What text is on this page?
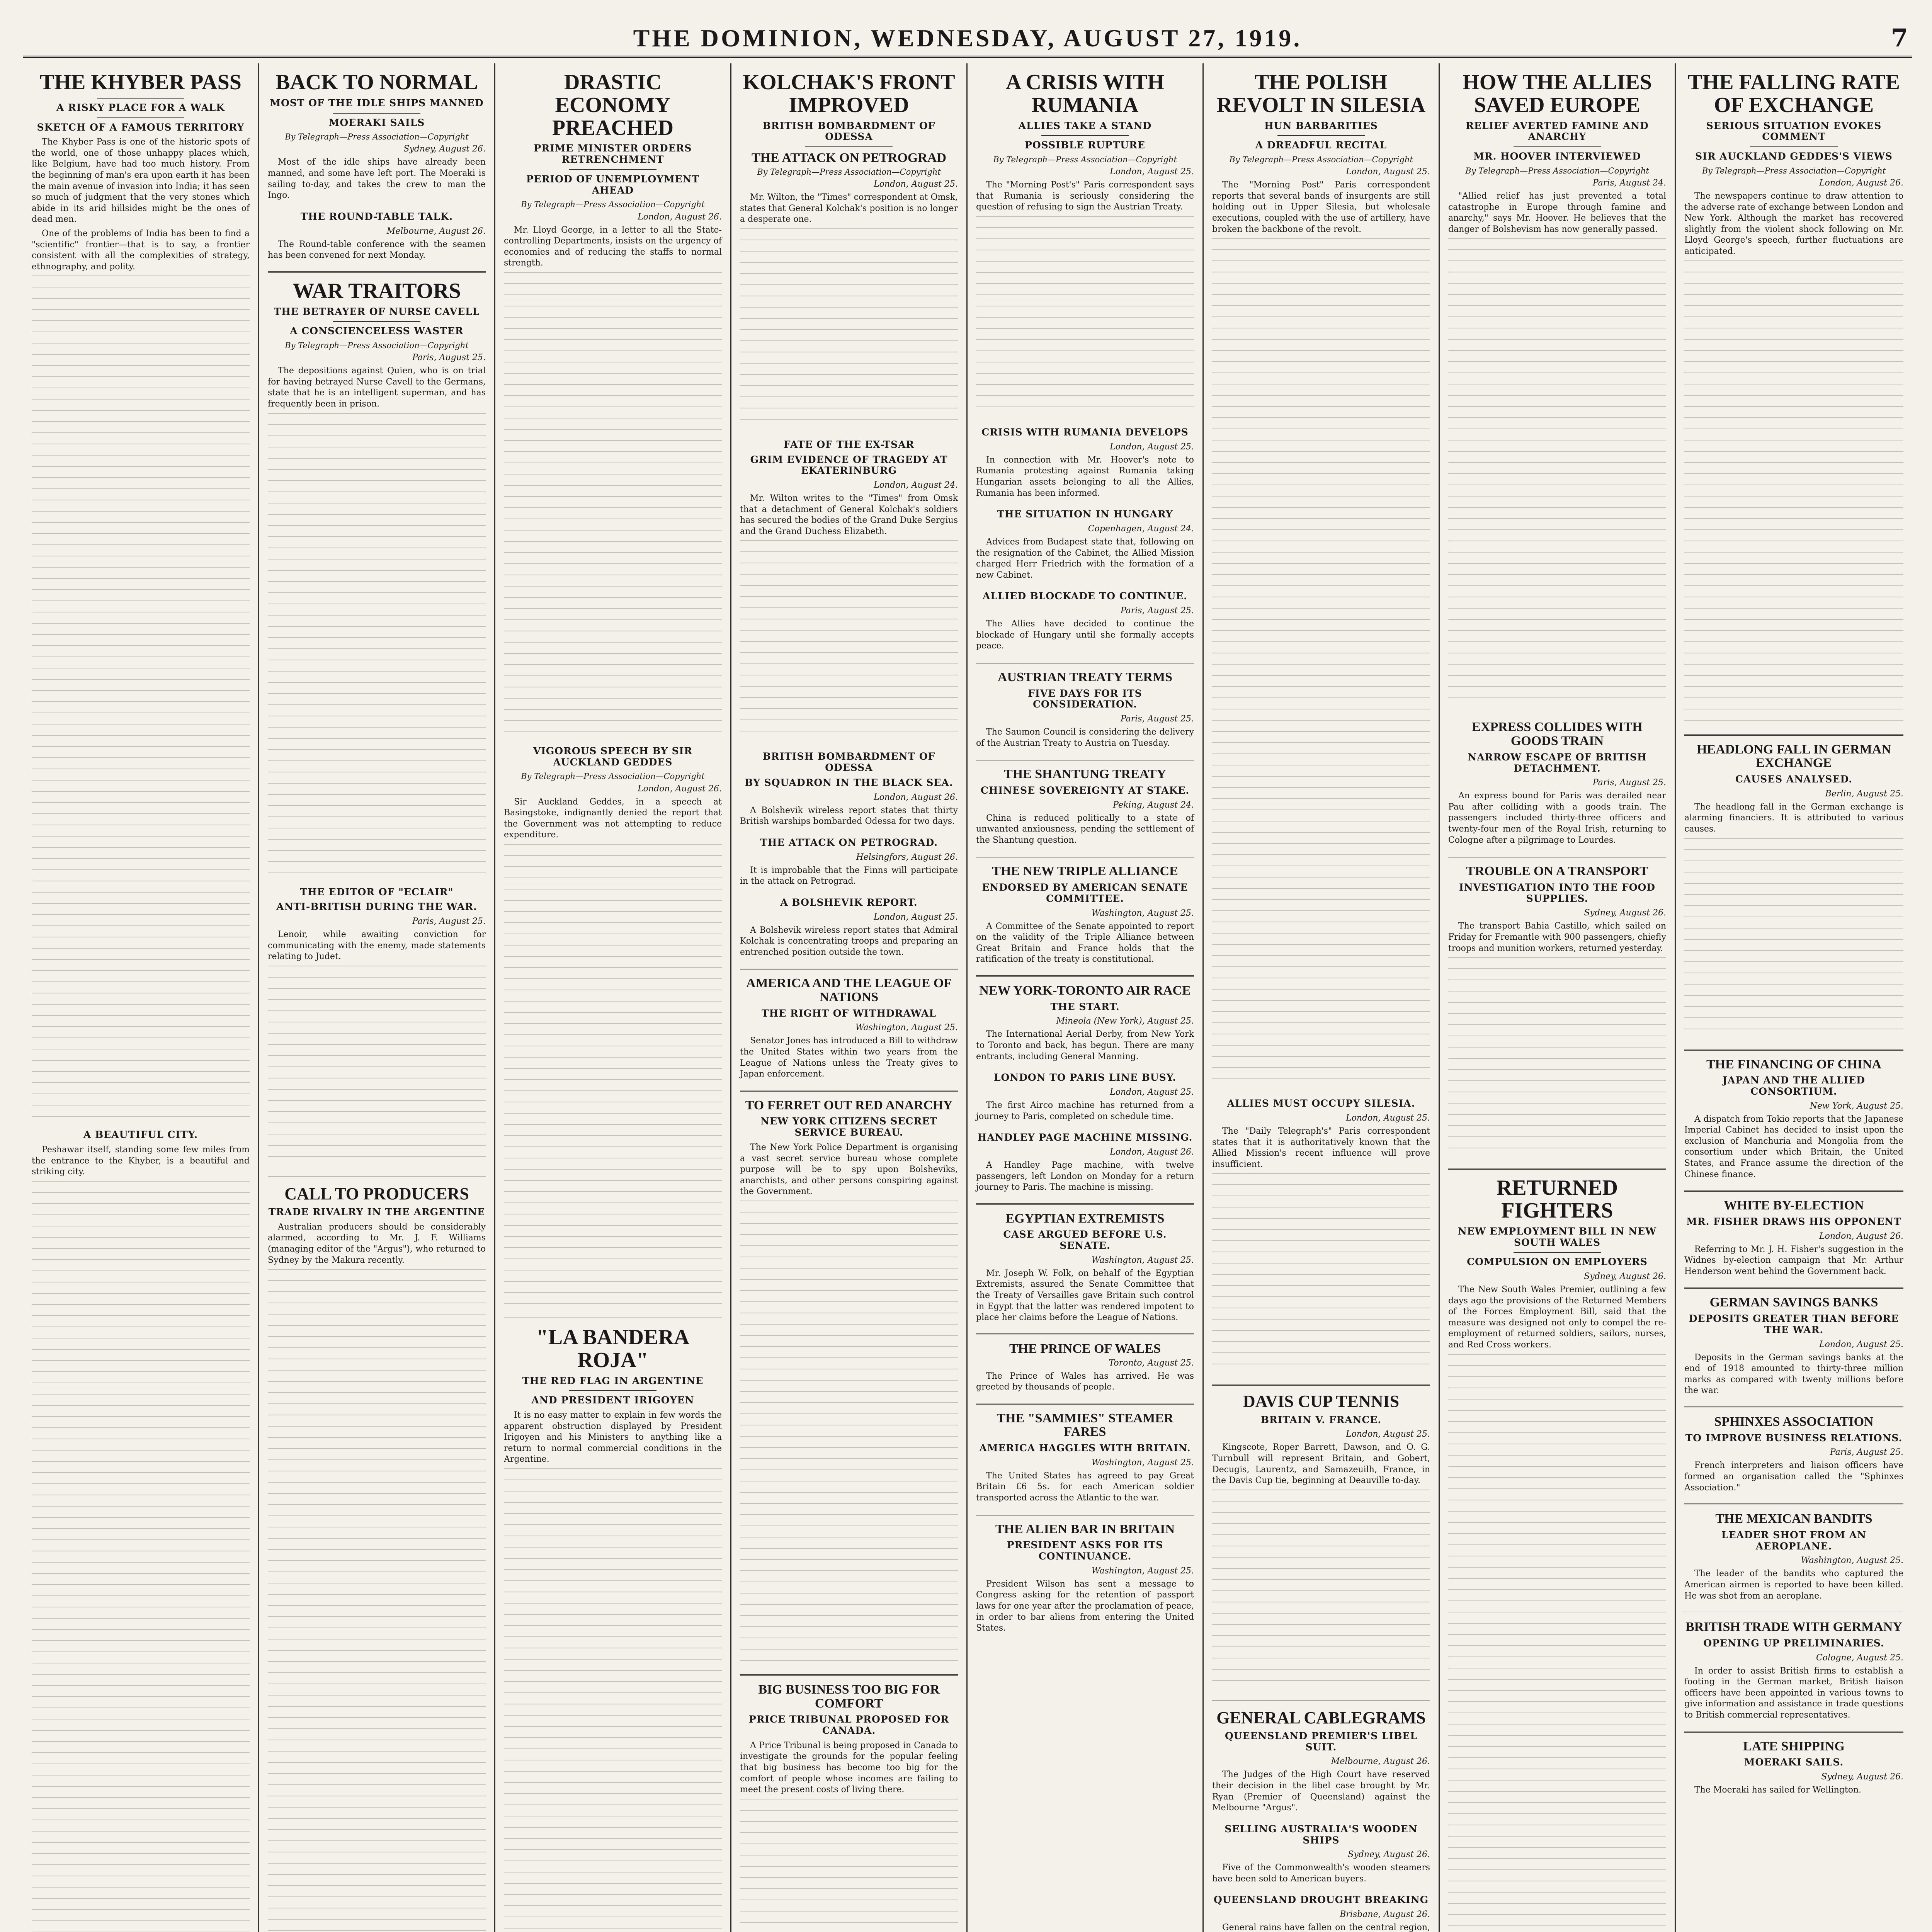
THE DOMINION, WEDNESDAY, AUGUST 27, 1919.	7
THE KHYBER PASS
A RISKY PLACE FOR A WALK
SKETCH OF A FAMOUS TERRITORY

The Khyber Pass is one of the historic spots of the world, one of those unhappy places which, like Belgium, have had too much history. From the beginning of man's era upon earth it has been the main avenue of invasion into India; it has seen so much of judgment that the very stones which abide in its arid hillsides might be the ones of dead men.

One of the problems of India has been to find a "scientific" frontier—that is to say, a frontier consistent with all the complexities of strategy, ethnography, and polity.

A BEAUTIFUL CITY.

Peshawar itself, standing some few miles from the entrance to the Khyber, is a beautiful and striking city.

BACK TO NORMAL
MOST OF THE IDLE SHIPS MANNED
MOERAKI SAILS
By Telegraph—Press Association—Copyright
Sydney, August 26.

Most of the idle ships have already been manned, and some have left port. The Moeraki is sailing to-day, and takes the crew to man the Ingo.

THE ROUND-TABLE TALK.
Melbourne, August 26.

The Round-table conference with the seamen has been convened for next Monday.

WAR TRAITORS
THE BETRAYER OF NURSE CAVELL
A CONSCIENCELESS WASTER
By Telegraph—Press Association—Copyright
Paris, August 25.

The depositions against Quien, who is on trial for having betrayed Nurse Cavell to the Germans, state that he is an intelligent superman, and has frequently been in prison.

THE EDITOR OF "ECLAIR"
ANTI-BRITISH DURING THE WAR.
Paris, August 25.

Lenoir, while awaiting conviction for communicating with the enemy, made statements relating to Judet.

CALL TO PRODUCERS
TRADE RIVALRY IN THE ARGENTINE

Australian producers should be considerably alarmed, according to Mr. J. F. Williams (managing editor of the "Argus"), who returned to Sydney by the Makura recently.

DRASTIC ECONOMY PREACHED
PRIME MINISTER ORDERS RETRENCHMENT
PERIOD OF UNEMPLOYMENT AHEAD
By Telegraph—Press Association—Copyright
London, August 26.

Mr. Lloyd George, in a letter to all the State-controlling Departments, insists on the urgency of economies and of reducing the staffs to normal strength.

VIGOROUS SPEECH BY SIR AUCKLAND GEDDES
By Telegraph—Press Association—Copyright
London, August 26.

Sir Auckland Geddes, in a speech at Basingstoke, indignantly denied the report that the Government was not attempting to reduce expenditure.

"LA BANDERA ROJA"
THE RED FLAG IN ARGENTINE
AND PRESIDENT IRIGOYEN

It is no easy matter to explain in few words the apparent obstruction displayed by President Irigoyen and his Ministers to anything like a return to normal commercial conditions in the Argentine.

KOLCHAK'S FRONT IMPROVED
BRITISH BOMBARDMENT OF ODESSA
THE ATTACK ON PETROGRAD
By Telegraph—Press Association—Copyright
London, August 25.

Mr. Wilton, the "Times" correspondent at Omsk, states that General Kolchak's position is no longer a desperate one.

FATE OF THE EX-TSAR
GRIM EVIDENCE OF TRAGEDY AT EKATERINBURG
London, August 24.

Mr. Wilton writes to the "Times" from Omsk that a detachment of General Kolchak's soldiers has secured the bodies of the Grand Duke Sergius and the Grand Duchess Elizabeth.

BRITISH BOMBARDMENT OF ODESSA
BY SQUADRON IN THE BLACK SEA.
London, August 26.

A Bolshevik wireless report states that thirty British warships bombarded Odessa for two days.

THE ATTACK ON PETROGRAD.
Helsingfors, August 26.

It is improbable that the Finns will participate in the attack on Petrograd.

A BOLSHEVIK REPORT.
London, August 25.

A Bolshevik wireless report states that Admiral Kolchak is concentrating troops and preparing an entrenched position outside the town.

AMERICA AND THE LEAGUE OF NATIONS
THE RIGHT OF WITHDRAWAL
Washington, August 25.

Senator Jones has introduced a Bill to withdraw the United States within two years from the League of Nations unless the Treaty gives to Japan enforcement.

TO FERRET OUT RED ANARCHY
NEW YORK CITIZENS SECRET SERVICE BUREAU.

The New York Police Department is organising a vast secret service bureau whose complete purpose will be to spy upon Bolsheviks, anarchists, and other persons conspiring against the Government.

BIG BUSINESS TOO BIG FOR COMFORT
PRICE TRIBUNAL PROPOSED FOR CANADA.

A Price Tribunal is being proposed in Canada to investigate the grounds for the popular feeling that big business has become too big for the comfort of people whose incomes are failing to meet the present costs of living there.

A CRISIS WITH RUMANIA
ALLIES TAKE A STAND
POSSIBLE RUPTURE
By Telegraph—Press Association—Copyright
London, August 25.

The "Morning Post's" Paris correspondent says that Rumania is seriously considering the question of refusing to sign the Austrian Treaty.

CRISIS WITH RUMANIA DEVELOPS
London, August 25.

In connection with Mr. Hoover's note to Rumania protesting against Rumania taking Hungarian assets belonging to all the Allies, Rumania has been informed.

THE SITUATION IN HUNGARY
Copenhagen, August 24.

Advices from Budapest state that, following on the resignation of the Cabinet, the Allied Mission charged Herr Friedrich with the formation of a new Cabinet.

ALLIED BLOCKADE TO CONTINUE.
Paris, August 25.

The Allies have decided to continue the blockade of Hungary until she formally accepts peace.

AUSTRIAN TREATY TERMS
FIVE DAYS FOR ITS CONSIDERATION.
Paris, August 25.

The Saumon Council is considering the delivery of the Austrian Treaty to Austria on Tuesday.

THE SHANTUNG TREATY
CHINESE SOVEREIGNTY AT STAKE.
Peking, August 24.

China is reduced politically to a state of unwanted anxiousness, pending the settlement of the Shantung question.

THE NEW TRIPLE ALLIANCE
ENDORSED BY AMERICAN SENATE COMMITTEE.
Washington, August 25.

A Committee of the Senate appointed to report on the validity of the Triple Alliance between Great Britain and France holds that the ratification of the treaty is constitutional.

NEW YORK-TORONTO AIR RACE
THE START.
Mineola (New York), August 25.

The International Aerial Derby, from New York to Toronto and back, has begun. There are many entrants, including General Manning.

LONDON TO PARIS LINE BUSY.
London, August 25.

The first Airco machine has returned from a journey to Paris, completed on schedule time.

HANDLEY PAGE MACHINE MISSING.
London, August 26.

A Handley Page machine, with twelve passengers, left London on Monday for a return journey to Paris. The machine is missing.

EGYPTIAN EXTREMISTS
CASE ARGUED BEFORE U.S. SENATE.
Washington, August 25.

Mr. Joseph W. Folk, on behalf of the Egyptian Extremists, assured the Senate Committee that the Treaty of Versailles gave Britain such control in Egypt that the latter was rendered impotent to place her claims before the League of Nations.

THE PRINCE OF WALES
Toronto, August 25.

The Prince of Wales has arrived. He was greeted by thousands of people.

THE "SAMMIES" STEAMER FARES
AMERICA HAGGLES WITH BRITAIN.
Washington, August 25.

The United States has agreed to pay Great Britain £6 5s. for each American soldier transported across the Atlantic to the war.

THE ALIEN BAR IN BRITAIN
PRESIDENT ASKS FOR ITS CONTINUANCE.
Washington, August 25.

President Wilson has sent a message to Congress asking for the retention of passport laws for one year after the proclamation of peace, in order to bar aliens from entering the United States.

THE POLISH REVOLT IN SILESIA
HUN BARBARITIES
A DREADFUL RECITAL
By Telegraph—Press Association—Copyright
London, August 25.

The "Morning Post" Paris correspondent reports that several bands of insurgents are still holding out in Upper Silesia, but wholesale executions, coupled with the use of artillery, have broken the backbone of the revolt.

ALLIES MUST OCCUPY SILESIA.
London, August 25.

The "Daily Telegraph's" Paris correspondent states that it is authoritatively known that the Allied Mission's recent influence will prove insufficient.

DAVIS CUP TENNIS
BRITAIN V. FRANCE.
London, August 25.

Kingscote, Roper Barrett, Dawson, and O. G. Turnbull will represent Britain, and Gobert, Decugis, Laurentz, and Samazeuilh, France, in the Davis Cup tie, beginning at Deauville to-day.

GENERAL CABLEGRAMS
QUEENSLAND PREMIER'S LIBEL SUIT.
Melbourne, August 26.

The Judges of the High Court have reserved their decision in the libel case brought by Mr. Ryan (Premier of Queensland) against the Melbourne "Argus".

SELLING AUSTRALIA'S WOODEN SHIPS
Sydney, August 26.

Five of the Commonwealth's wooden steamers have been sold to American buyers.

QUEENSLAND DROUGHT BREAKING
Brisbane, August 26.

General rains have fallen on the central region,

HOW THE ALLIES SAVED EUROPE
RELIEF AVERTED FAMINE AND ANARCHY
MR. HOOVER INTERVIEWED
By Telegraph—Press Association—Copyright
Paris, August 24.

"Allied relief has just prevented a total catastrophe in Europe through famine and anarchy," says Mr. Hoover. He believes that the danger of Bolshevism has now generally passed.

EXPRESS COLLIDES WITH GOODS TRAIN
NARROW ESCAPE OF BRITISH DETACHMENT.
Paris, August 25.

An express bound for Paris was derailed near Pau after colliding with a goods train. The passengers included thirty-three officers and twenty-four men of the Royal Irish, returning to Cologne after a pilgrimage to Lourdes.

TROUBLE ON A TRANSPORT
INVESTIGATION INTO THE FOOD SUPPLIES.
Sydney, August 26.

The transport Bahia Castillo, which sailed on Friday for Fremantle with 900 passengers, chiefly troops and munition workers, returned yesterday.

RETURNED FIGHTERS
NEW EMPLOYMENT BILL IN NEW SOUTH WALES
COMPULSION ON EMPLOYERS
Sydney, August 26.

The New South Wales Premier, outlining a few days ago the provisions of the Returned Members of the Forces Employment Bill, said that the measure was designed not only to compel the re-employment of returned soldiers, sailors, nurses, and Red Cross workers.

THE FALLING RATE OF EXCHANGE
SERIOUS SITUATION EVOKES COMMENT
SIR AUCKLAND GEDDES'S VIEWS
By Telegraph—Press Association—Copyright
London, August 26.

The newspapers continue to draw attention to the adverse rate of exchange between London and New York. Although the market has recovered slightly from the violent shock following on Mr. Lloyd George's speech, further fluctuations are anticipated.

HEADLONG FALL IN GERMAN EXCHANGE
CAUSES ANALYSED.
Berlin, August 25.

The headlong fall in the German exchange is alarming financiers. It is attributed to various causes.

THE FINANCING OF CHINA
JAPAN AND THE ALLIED CONSORTIUM.
New York, August 25.

A dispatch from Tokio reports that the Japanese Imperial Cabinet has decided to insist upon the exclusion of Manchuria and Mongolia from the consortium under which Britain, the United States, and France assume the direction of the Chinese finance.

WHITE BY-ELECTION
MR. FISHER DRAWS HIS OPPONENT
London, August 26.

Referring to Mr. J. H. Fisher's suggestion in the Widnes by-election campaign that Mr. Arthur Henderson went behind the Government back.

GERMAN SAVINGS BANKS
DEPOSITS GREATER THAN BEFORE THE WAR.
London, August 25.

Deposits in the German savings banks at the end of 1918 amounted to thirty-three million marks as compared with twenty millions before the war.

SPHINXES ASSOCIATION
TO IMPROVE BUSINESS RELATIONS.
Paris, August 25.

French interpreters and liaison officers have formed an organisation called the "Sphinxes Association."

THE MEXICAN BANDITS
LEADER SHOT FROM AN AEROPLANE.
Washington, August 25.

The leader of the bandits who captured the American airmen is reported to have been killed. He was shot from an aeroplane.

BRITISH TRADE WITH GERMANY
OPENING UP PRELIMINARIES.
Cologne, August 25.

In order to assist British firms to establish a footing in the German market, British liaison officers have been appointed in various towns to give information and assistance in trade questions to British commercial representatives.

LATE SHIPPING
MOERAKI SAILS.
Sydney, August 26.

The Moeraki has sailed for Wellington.
